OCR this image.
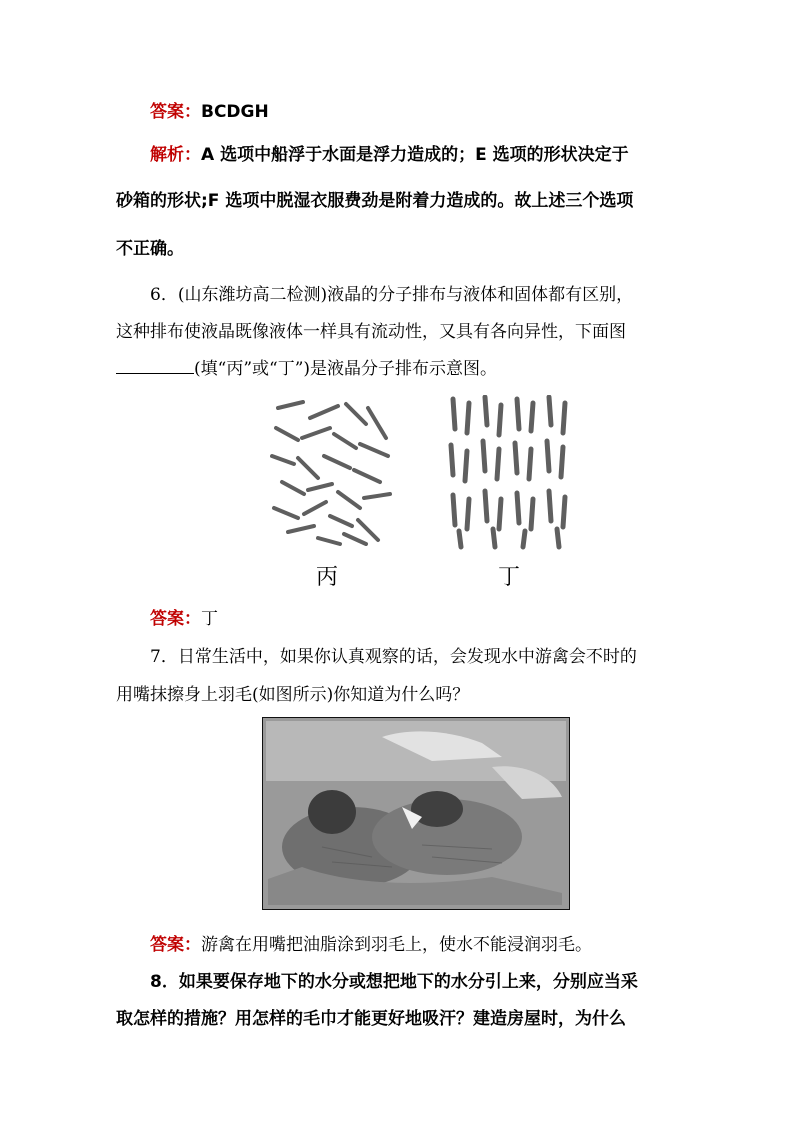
答案：BCDGH
解析：A 选项中船浮于水面是浮力造成的；E 选项的形状决定于
砂箱的形状;F 选项中脱湿衣服费劲是附着力造成的。故上述三个选项
不正确。
6．(山东潍坊高二检测)液晶的分子排布与液体和固体都有区别，
这种排布使液晶既像液体一样具有流动性，又具有各向异性，下面图
(填“丙”或“丁”)是液晶分子排布示意图。
丙	丁
答案：丁
7．日常生活中，如果你认真观察的话，会发现水中游禽会不时的
用嘴抹擦身上羽毛(如图所示)你知道为什么吗？
答案：游禽在用嘴把油脂涂到羽毛上，使水不能浸润羽毛。
8．如果要保存地下的水分或想把地下的水分引上来，分别应当采
取怎样的措施？用怎样的毛巾才能更好地吸汗？建造房屋时，为什么
